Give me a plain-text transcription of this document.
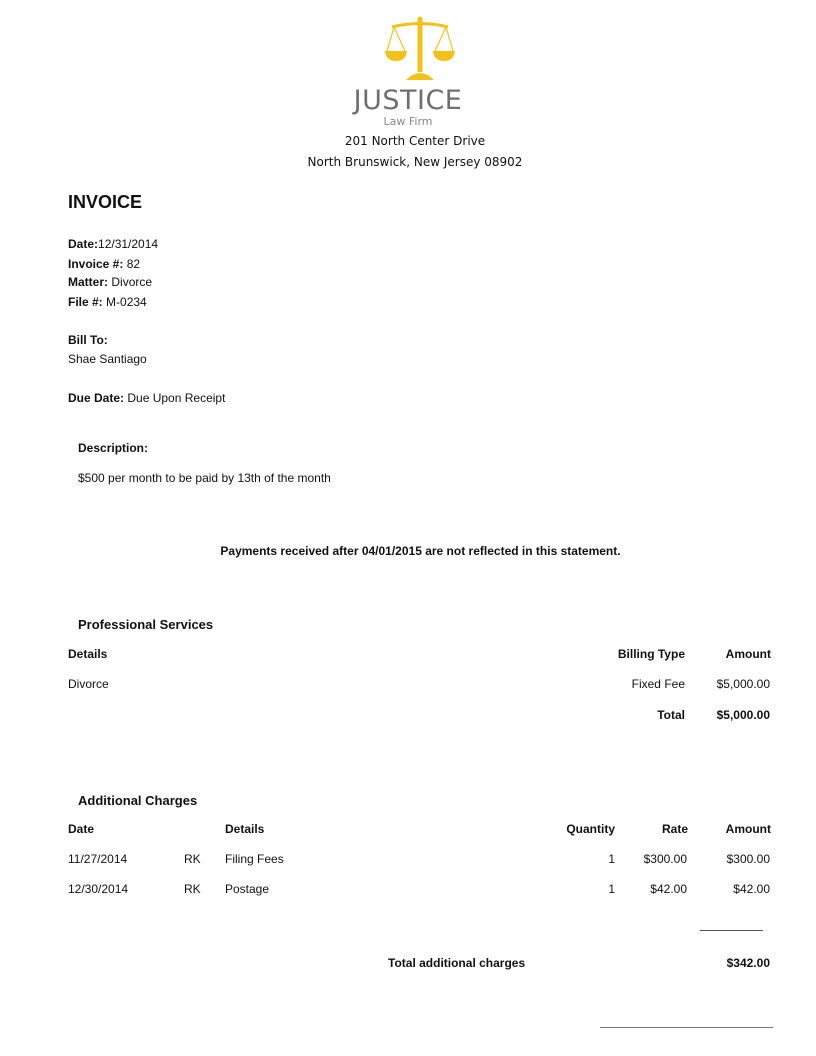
JUSTICE
Law Firm
201 North Center Drive
North Brunswick, New Jersey 08902
INVOICE
Date:12/31/2014
Invoice #: 82
Matter: Divorce
File #: M-0234
Bill To:
Shae Santiago
Due Date: Due Upon Receipt
Description:
$500 per month to be paid by 13th of the month
Payments received after 04/01/2015 are not reflected in this statement.
Professional Services
Details	Billing Type	Amount
Divorce	Fixed Fee	$5,000.00
Total	$5,000.00
Additional Charges
Date	Details	Quantity	Rate	Amount
11/27/2014	RK Filing Fees	1	$300.00	$300.00
12/30/2014	RK Postage	1	$42.00	$42.00
Total additional charges	$342.00
